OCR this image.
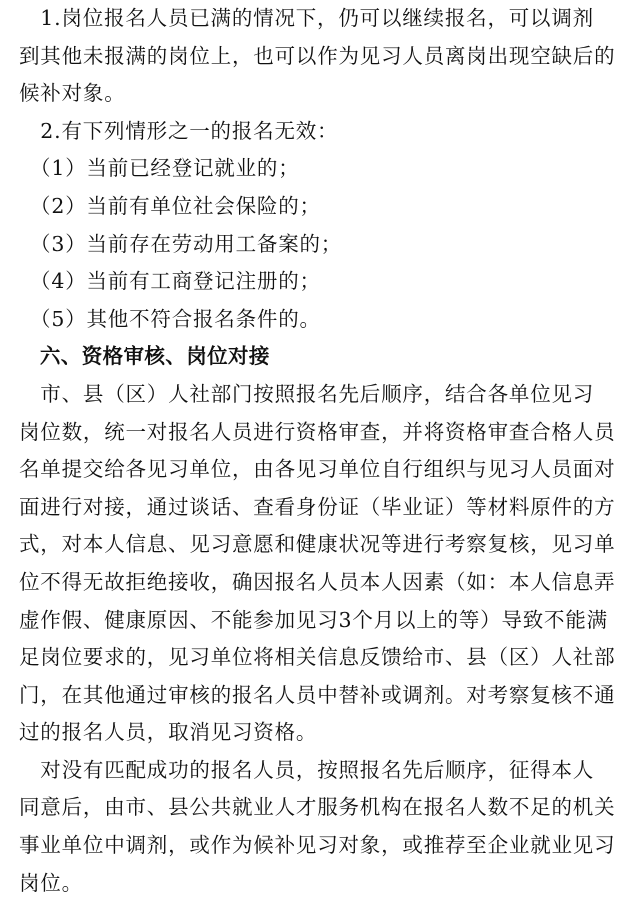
　1.岗位报名人员已满的情况下，仍可以继续报名，可以调剂
到其他未报满的岗位上，也可以作为见习人员离岗出现空缺后的
候补对象。
　2.有下列情形之一的报名无效：
　（1）当前已经登记就业的；
　（2）当前有单位社会保险的；
　（3）当前存在劳动用工备案的；
　（4）当前有工商登记注册的；
　（5）其他不符合报名条件的。
　六、资格审核、岗位对接
　市、县（区）人社部门按照报名先后顺序，结合各单位见习
岗位数，统一对报名人员进行资格审查，并将资格审查合格人员
名单提交给各见习单位，由各见习单位自行组织与见习人员面对
面进行对接，通过谈话、查看身份证（毕业证）等材料原件的方
式，对本人信息、见习意愿和健康状况等进行考察复核，见习单
位不得无故拒绝接收，确因报名人员本人因素（如：本人信息弄
虚作假、健康原因、不能参加见习3个月以上的等）导致不能满
足岗位要求的，见习单位将相关信息反馈给市、县（区）人社部
门，在其他通过审核的报名人员中替补或调剂。对考察复核不通
过的报名人员，取消见习资格。
　对没有匹配成功的报名人员，按照报名先后顺序，征得本人
同意后，由市、县公共就业人才服务机构在报名人数不足的机关
事业单位中调剂，或作为候补见习对象，或推荐至企业就业见习
岗位。
